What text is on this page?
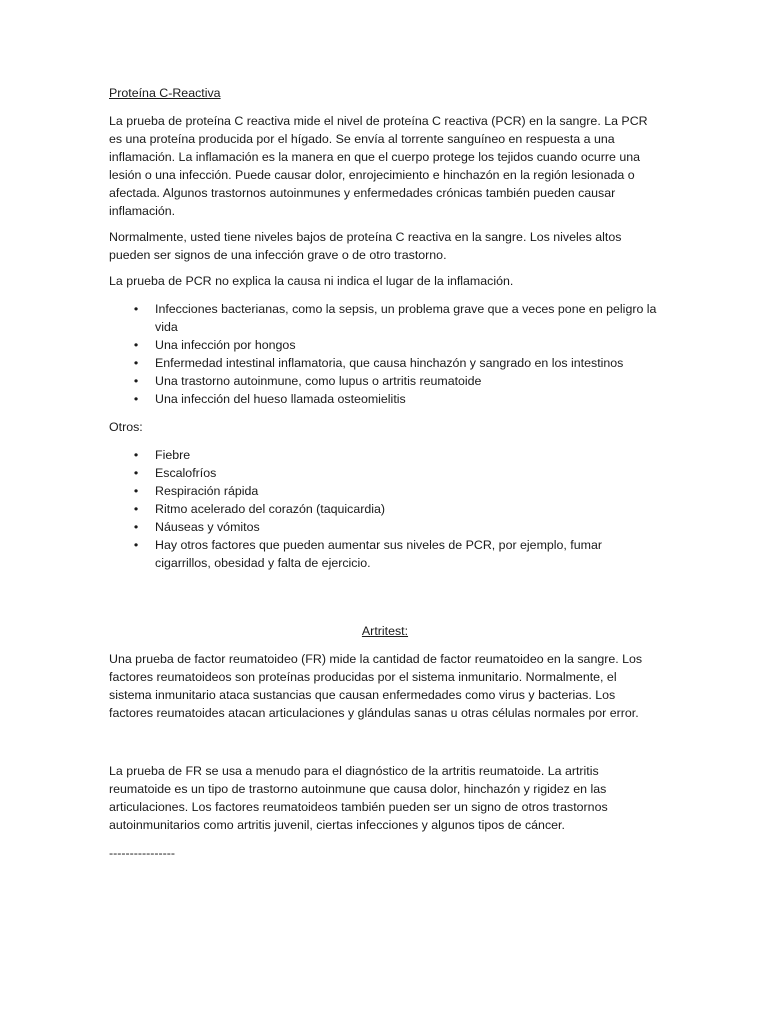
Proteína C-Reactiva

La prueba de proteína C reactiva mide el nivel de proteína C reactiva (PCR) en la sangre. La PCR es una proteína producida por el hígado. Se envía al torrente sanguíneo en respuesta a una inflamación. La inflamación es la manera en que el cuerpo protege los tejidos cuando ocurre una lesión o una infección. Puede causar dolor, enrojecimiento e hinchazón en la región lesionada o afectada. Algunos trastornos autoinmunes y enfermedades crónicas también pueden causar inflamación.

Normalmente, usted tiene niveles bajos de proteína C reactiva en la sangre. Los niveles altos pueden ser signos de una infección grave o de otro trastorno.

La prueba de PCR no explica la causa ni indica el lugar de la inflamación.

•	Infecciones bacterianas, como la sepsis, un problema grave que a veces pone en peligro la vida
•	Una infección por hongos
•	Enfermedad intestinal inflamatoria, que causa hinchazón y sangrado en los intestinos
•	Una trastorno autoinmune, como lupus o artritis reumatoide
•	Una infección del hueso llamada osteomielitis

Otros:

•	Fiebre
•	Escalofríos
•	Respiración rápida
•	Ritmo acelerado del corazón (taquicardia)
•	Náuseas y vómitos
•	Hay otros factores que pueden aumentar sus niveles de PCR, por ejemplo, fumar cigarrillos, obesidad y falta de ejercicio.

Artritest:

Una prueba de factor reumatoideo (FR) mide la cantidad de factor reumatoideo en la sangre. Los factores reumatoideos son proteínas producidas por el sistema inmunitario. Normalmente, el sistema inmunitario ataca sustancias que causan enfermedades como virus y bacterias. Los factores reumatoides atacan articulaciones y glándulas sanas u otras células normales por error.

La prueba de FR se usa a menudo para el diagnóstico de la artritis reumatoide. La artritis reumatoide es un tipo de trastorno autoinmune que causa dolor, hinchazón y rigidez en las articulaciones. Los factores reumatoideos también pueden ser un signo de otros trastornos autoinmunitarios como artritis juvenil, ciertas infecciones y algunos tipos de cáncer.

----------------
